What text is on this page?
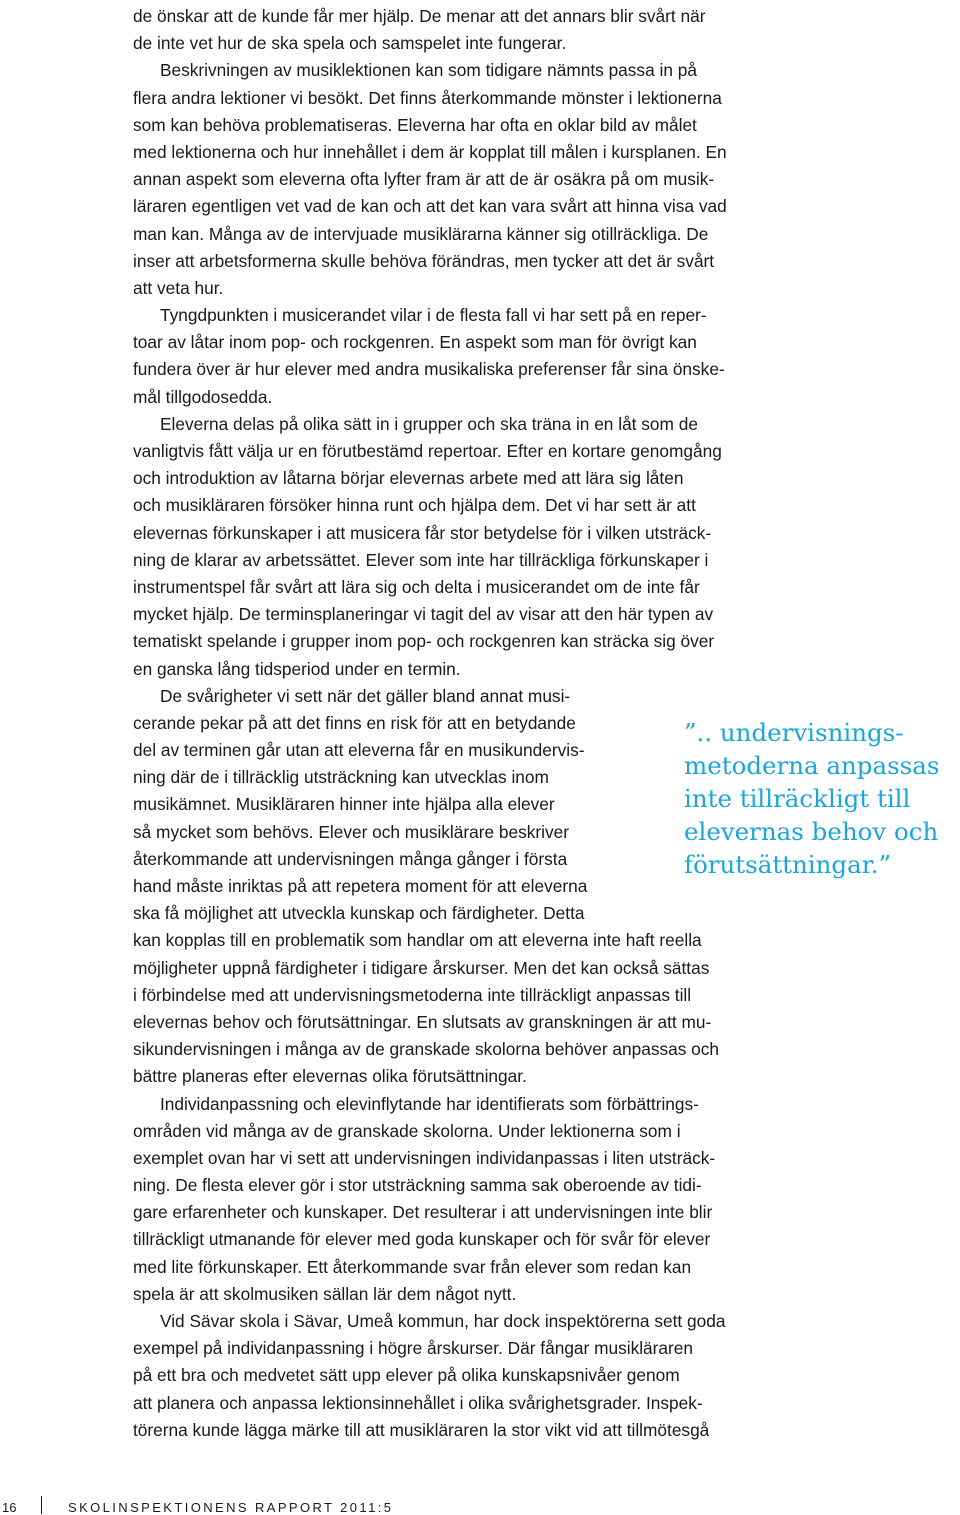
de önskar att de kunde får mer hjälp. De menar att det annars blir svårt när
de inte vet hur de ska spela och samspelet inte fungerar.
Beskrivningen av musiklektionen kan som tidigare nämnts passa in på
flera andra lektioner vi besökt. Det finns återkommande mönster i lektionerna
som kan behöva problematiseras. Eleverna har ofta en oklar bild av målet
med lektionerna och hur innehållet i dem är kopplat till målen i kursplanen. En
annan aspekt som eleverna ofta lyfter fram är att de är osäkra på om musik-
läraren egentligen vet vad de kan och att det kan vara svårt att hinna visa vad
man kan. Många av de intervjuade musiklärarna känner sig otillräckliga. De
inser att arbetsformerna skulle behöva förändras, men tycker att det är svårt
att veta hur.
Tyngdpunkten i musicerandet vilar i de flesta fall vi har sett på en reper-
toar av låtar inom pop- och rockgenren. En aspekt som man för övrigt kan
fundera över är hur elever med andra musikaliska preferenser får sina önske-
mål tillgodosedda.
Eleverna delas på olika sätt in i grupper och ska träna in en låt som de
vanligtvis fått välja ur en förutbestämd repertoar. Efter en kortare genomgång
och introduktion av låtarna börjar elevernas arbete med att lära sig låten
och musikläraren försöker hinna runt och hjälpa dem. Det vi har sett är att
elevernas förkunskaper i att musicera får stor betydelse för i vilken utsträck-
ning de klarar av arbetssättet. Elever som inte har tillräckliga förkunskaper i
instrumentspel får svårt att lära sig och delta i musicerandet om de inte får
mycket hjälp. De terminsplaneringar vi tagit del av visar att den här typen av
tematiskt spelande i grupper inom pop- och rockgenren kan sträcka sig över
en ganska lång tidsperiod under en termin.
De svårigheter vi sett när det gäller bland annat musi-
cerande pekar på att det finns en risk för att en betydande
del av terminen går utan att eleverna får en musikundervis-
ning där de i tillräcklig utsträckning kan utvecklas inom
musikämnet. Musikläraren hinner inte hjälpa alla elever
så mycket som behövs. Elever och musiklärare beskriver
återkommande att undervisningen många gånger i första
hand måste inriktas på att repetera moment för att eleverna
ska få möjlighet att utveckla kunskap och färdigheter. Detta
kan kopplas till en problematik som handlar om att eleverna inte haft reella
möjligheter uppnå färdigheter i tidigare årskurser. Men det kan också sättas
i förbindelse med att undervisningsmetoderna inte tillräckligt anpassas till
elevernas behov och förutsättningar. En slutsats av granskningen är att mu-
sikundervisningen i många av de granskade skolorna behöver anpassas och
bättre planeras efter elevernas olika förutsättningar.
Individanpassning och elevinflytande har identifierats som förbättrings-
områden vid många av de granskade skolorna. Under lektionerna som i
exemplet ovan har vi sett att undervisningen individanpassas i liten utsträck-
ning. De flesta elever gör i stor utsträckning samma sak oberoende av tidi-
gare erfarenheter och kunskaper. Det resulterar i att undervisningen inte blir
tillräckligt utmanande för elever med goda kunskaper och för svår för elever
med lite förkunskaper. Ett återkommande svar från elever som redan kan
spela är att skolmusiken sällan lär dem något nytt.
Vid Sävar skola i Sävar, Umeå kommun, har dock inspektörerna sett goda
exempel på individanpassning i högre årskurser. Där fångar musikläraren
på ett bra och medvetet sätt upp elever på olika kunskapsnivåer genom
att planera och anpassa lektionsinnehållet i olika svårighetsgrader. Inspek-
törerna kunde lägga märke till att musikläraren la stor vikt vid att tillmötesgå
”.. undervisnings-
metoderna anpassas
inte tillräckligt till
elevernas behov och
förutsättningar.”
16	SKOLINSPEKTIONENS RAPPORT 2011:5
